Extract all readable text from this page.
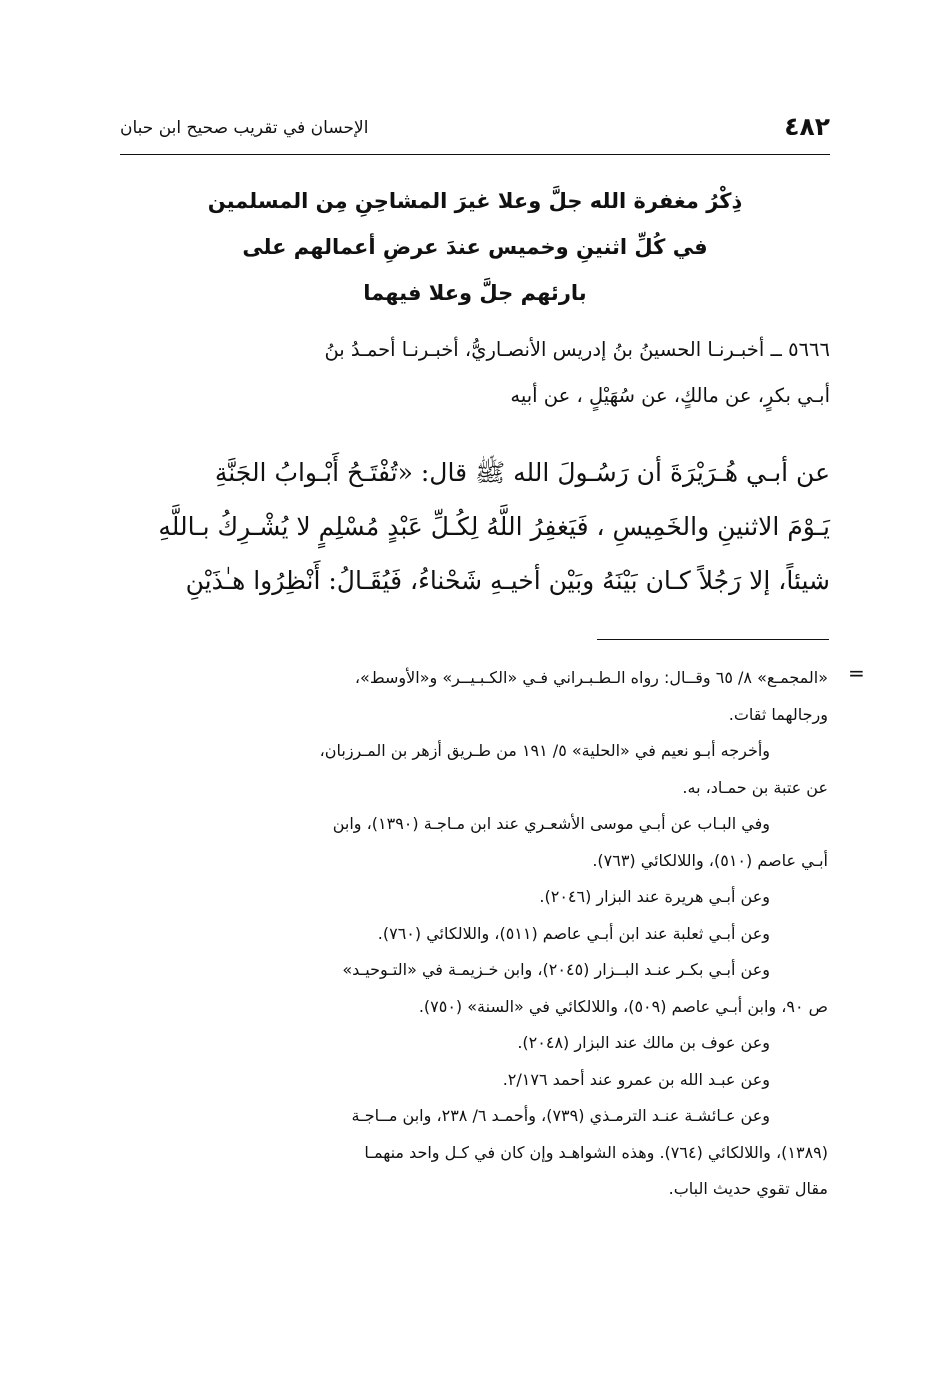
٤٨٢
الإحسان في تقريب صحيح ابن حبان
ذِكْرُ مغفرة الله جلَّ وعلا غيرَ المشاحِنِ مِن المسلمين
في كُلِّ اثنينِ وخميس عندَ عرضِ أعمالهم على
بارئهم جلَّ وعلا فيهما
٥٦٦٦ ــ أخبـرنـا الحسينُ بنُ إدريس الأنصـاريُّ، أخبـرنـا أحمـدُ بنُ
أبـي بكرٍ، عن مالكٍ، عن سُهَيْلٍ ، عن أبيه
عن أبـي هُـرَيْرَةَ أن رَسُـولَ الله ﷺ قال: «تُفْتَـحُ أَبْـوابُ الجَنَّةِ
يَـوْمَ الاثنينِ والخَمِيسِ ، فَيَغفِرُ اللَّهُ لِكُـلِّ عَبْدٍ مُسْلِمٍ لا يُشْـرِكُ بـاللَّهِ
شيئاً، إلا رَجُلاً كـان بَيْنَهُ وبَيْن أخيـهِ شَحْناءُ، فَيُقَـالُ: أَنْظِرُوا هـٰذَيْنِ
=
«المجمـع» ٨/ ٦٥ وقــال: رواه الـطـبـراني فـي «الكـبـيــر» و«الأوسط»،
ورجالهما ثقات.
وأخرجه أبـو نعيم في «الحلية» ٥/ ١٩١ من طـريق أزهر بن المـرزبان،
عن عتبة بن حمـاد، به.
وفي البـاب عن أبـي موسى الأشعـري عند ابن مـاجـة (١٣٩٠)، وابن
أبـي عاصم (٥١٠)، واللالكائي (٧٦٣).
وعن أبـي هريرة عند البزار (٢٠٤٦).
وعن أبـي ثعلبة عند ابن أبـي عاصم (٥١١)، واللالكائي (٧٦٠).
وعن أبـي بكـر عنـد البــزار (٢٠٤٥)، وابن خـزيمـة في «التـوحيـد»
ص ٩٠، وابن أبـي عاصم (٥٠٩)، واللالكائي في «السنة» (٧٥٠).
وعن عوف بن مالك عند البزار (٢٠٤٨).
وعن عبـد الله بن عمرو عند أحمد ٢/١٧٦.
وعن عـائشـة عنـد الترمـذي (٧٣٩)، وأحمـد ٦/ ٢٣٨، وابن مــاجـة
(١٣٨٩)، واللالكائي (٧٦٤). وهذه الشواهـد وإن كان في كـل واحد منهمـا
مقال تقوي حديث الباب.
